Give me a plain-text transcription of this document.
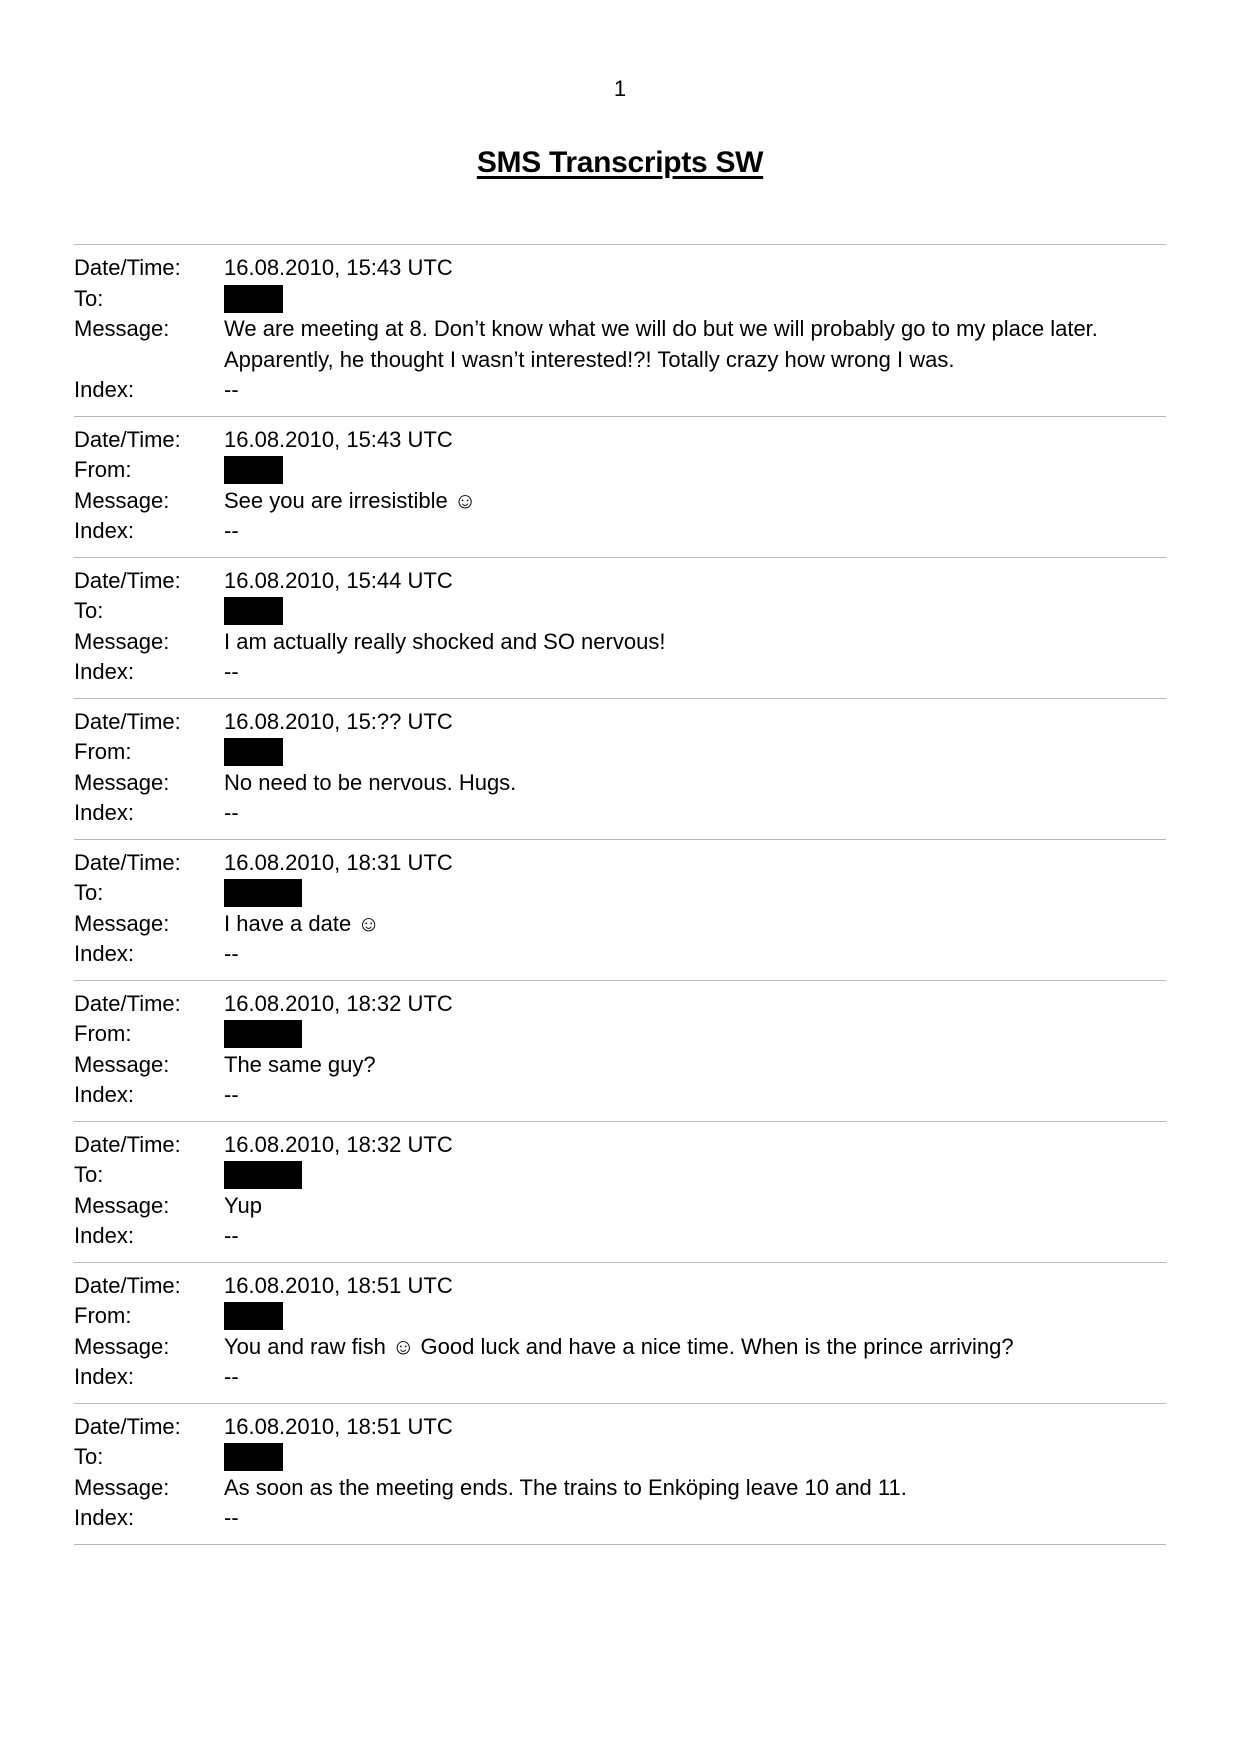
1
SMS Transcripts SW
Date/Time:	16.08.2010, 15:43 UTC
To:
Message:	We are meeting at 8. Don’t know what we will do but we will probably go to my place later. Apparently, he thought I wasn’t interested!?! Totally crazy how wrong I was.
Index:	--
Date/Time:	16.08.2010, 15:43 UTC
From:
Message:	See you are irresistible ☺
Index:	--
Date/Time:	16.08.2010, 15:44 UTC
To:
Message:	I am actually really shocked and SO nervous!
Index:	--
Date/Time:	16.08.2010, 15:?? UTC
From:
Message:	No need to be nervous. Hugs.
Index:	--
Date/Time:	16.08.2010, 18:31 UTC
To:
Message:	I have a date ☺
Index:	--
Date/Time:	16.08.2010, 18:32 UTC
From:
Message:	The same guy?
Index:	--
Date/Time:	16.08.2010, 18:32 UTC
To:
Message:	Yup
Index:	--
Date/Time:	16.08.2010, 18:51 UTC
From:
Message:	You and raw fish ☺ Good luck and have a nice time. When is the prince arriving?
Index:	--
Date/Time:	16.08.2010, 18:51 UTC
To:
Message:	As soon as the meeting ends. The trains to Enköping leave 10 and 11.
Index:	--
